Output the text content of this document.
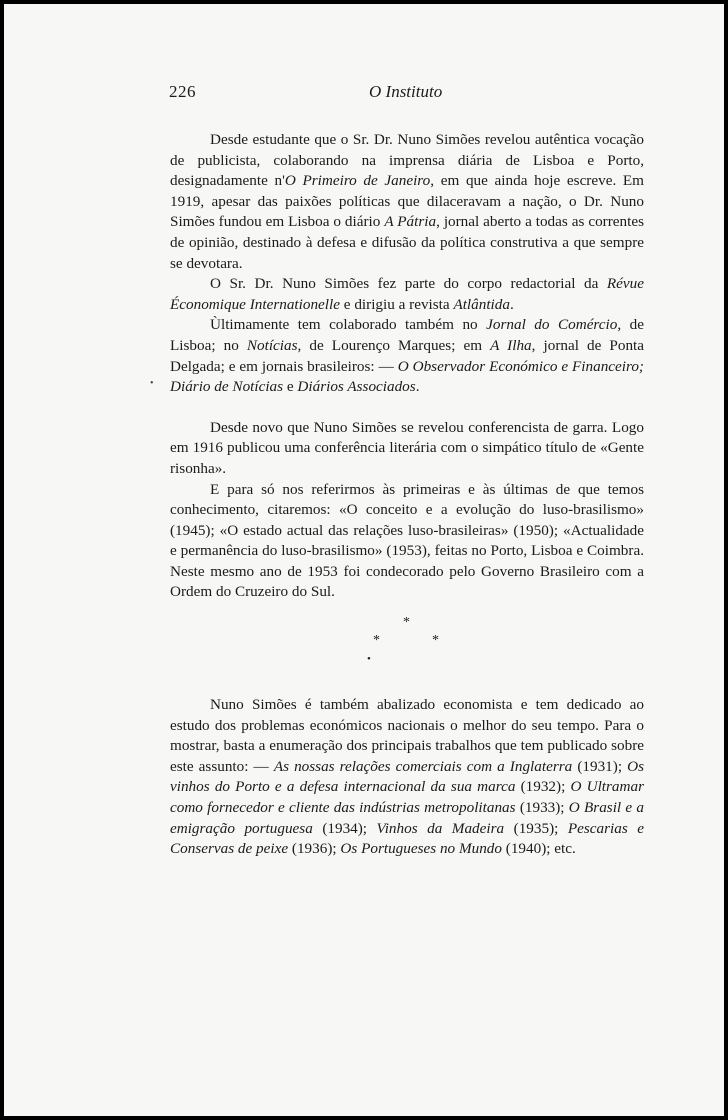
226	O Instituto
•

Desde estudante que o Sr. Dr. Nuno Simões revelou autêntica vocação de publicista, colaborando na imprensa diária de Lisboa e Porto, designadamente n'O Primeiro de Janeiro, em que ainda hoje escreve. Em 1919, apesar das paixões políticas que dilaceravam a nação, o Dr. Nuno Simões fundou em Lisboa o diário A Pátria, jornal aberto a todas as correntes de opinião, destinado à defesa e difusão da política construtiva a que sempre se devotara.

O Sr. Dr. Nuno Simões fez parte do corpo redactorial da Révue Économique Internationelle e dirigiu a revista Atlântida.

Ùltimamente tem colaborado também no Jornal do Comércio, de Lisboa; no Notícias, de Lourenço Marques; em A Ilha, jornal de Ponta Delgada; e em jornais brasileiros: — O Observador Económico e Financeiro; Diário de Notícias e Diários Associados.

Desde novo que Nuno Simões se revelou conferencista de garra. Logo em 1916 publicou uma conferência literária com o simpático título de «Gente risonha».

E para só nos referirmos às primeiras e às últimas de que temos conhecimento, citaremos: «O conceito e a evolução do luso-brasilismo» (1945); «O estado actual das relações luso-brasileiras» (1950); «Actualidade e permanência do luso-brasilismo» (1953), feitas no Porto, Lisboa e Coimbra. Neste mesmo ano de 1953 foi condecorado pelo Governo Brasileiro com a Ordem do Cruzeiro do Sul.

*
*	*
•

Nuno Simões é também abalizado economista e tem dedicado ao estudo dos problemas económicos nacionais o melhor do seu tempo. Para o mostrar, basta a enumeração dos principais trabalhos que tem publicado sobre este assunto: — As nossas relações comerciais com a Inglaterra (1931); Os vinhos do Porto e a defesa internacional da sua marca (1932); O Ultramar como fornecedor e cliente das indústrias metropolitanas (1933); O Brasil e a emigração portuguesa (1934); Vinhos da Madeira (1935); Pescarias e Conservas de peixe (1936); Os Portugueses no Mundo (1940); etc.
